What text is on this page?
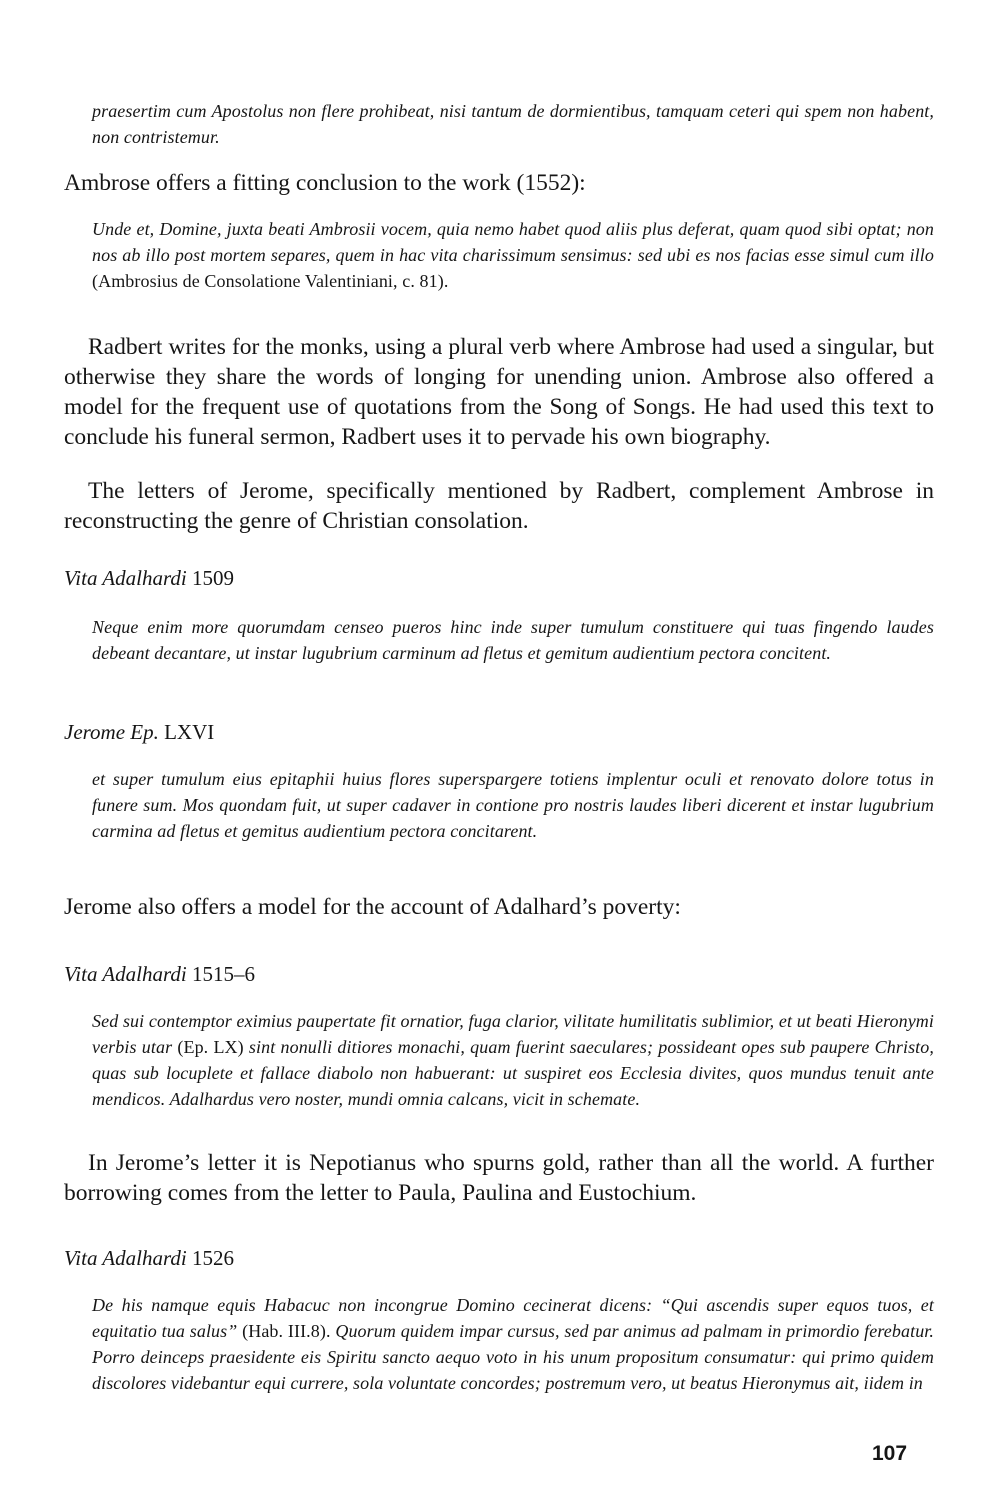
praesertim cum Apostolus non flere prohibeat, nisi tantum de dormientibus, tamquam ceteri qui spem non habent, non contristemur.
Ambrose offers a fitting conclusion to the work (1552):
Unde et, Domine, juxta beati Ambrosii vocem, quia nemo habet quod aliis plus deferat, quam quod sibi optat; non nos ab illo post mortem separes, quem in hac vita charissimum sensimus: sed ubi es nos facias esse simul cum illo (Ambrosius de Consolatione Valentiniani, c. 81).
Radbert writes for the monks, using a plural verb where Ambrose had used a singular, but otherwise they share the words of longing for unending union. Ambrose also offered a model for the frequent use of quotations from the Song of Songs. He had used this text to conclude his funeral sermon, Radbert uses it to pervade his own biography.
The letters of Jerome, specifically mentioned by Radbert, complement Ambrose in reconstructing the genre of Christian consolation.
Vita Adalhardi 1509
Neque enim more quorumdam censeo pueros hinc inde super tumulum constituere qui tuas fingendo laudes debeant decantare, ut instar lugubrium carminum ad fletus et gemitum audientium pectora concitent.
Jerome Ep. LXVI
et super tumulum eius epitaphii huius flores superspargere totiens implentur oculi et renovato dolore totus in funere sum. Mos quondam fuit, ut super cadaver in contione pro nostris laudes liberi dicerent et instar lugubrium carmina ad fletus et gemitus audientium pectora concitarent.
Jerome also offers a model for the account of Adalhard’s poverty:
Vita Adalhardi 1515–6
Sed sui contemptor eximius paupertate fit ornatior, fuga clarior, vilitate humilitatis sublimior, et ut beati Hieronymi verbis utar (Ep. LX) sint nonulli ditiores monachi, quam fuerint saeculares; possideant opes sub paupere Christo, quas sub locuplete et fallace diabolo non habuerant: ut suspiret eos Ecclesia divites, quos mundus tenuit ante mendicos. Adalhardus vero noster, mundi omnia calcans, vicit in schemate.
In Jerome’s letter it is Nepotianus who spurns gold, rather than all the world. A further borrowing comes from the letter to Paula, Paulina and Eustochium.
Vita Adalhardi 1526
De his namque equis Habacuc non incongrue Domino cecinerat dicens: “Qui ascendis super equos tuos, et equitatio tua salus” (Hab. III.8). Quorum quidem impar cursus, sed par animus ad palmam in primordio ferebatur. Porro deinceps praesidente eis Spiritu sancto aequo voto in his unum propositum consumatur: qui primo quidem discolores videbantur equi currere, sola voluntate concordes; postremum vero, ut beatus Hieronymus ait, iidem in
107
